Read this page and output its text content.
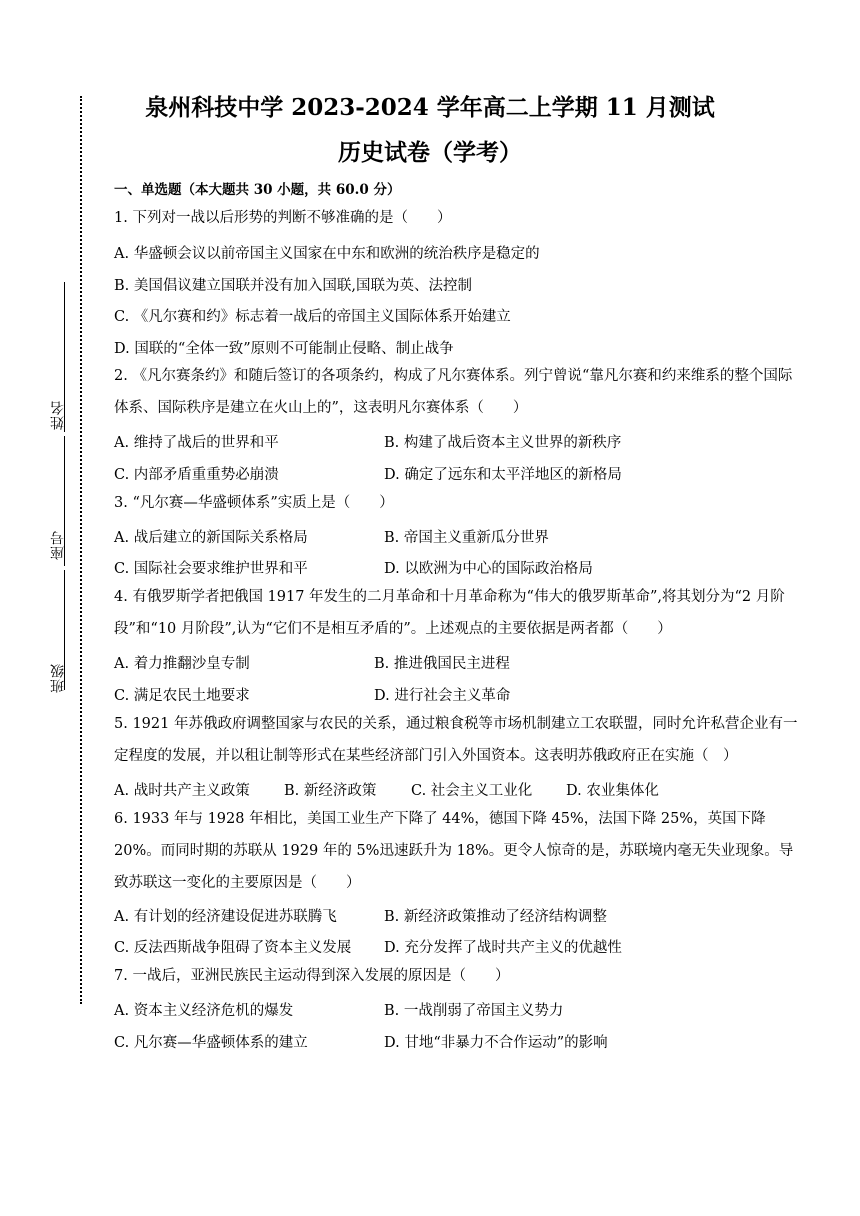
姓名
座号
班级
泉州科技中学 2023-2024 学年高二上学期 11 月测试
历史试卷（学考）
一、单选题（本大题共 30 小题，共 60.0 分）
1. 下列对一战以后形势的判断不够准确的是（　　）
A. 华盛顿会议以前帝国主义国家在中东和欧洲的统治秩序是稳定的
B. 美国倡议建立国联并没有加入国联,国联为英、法控制
C. 《凡尔赛和约》标志着一战后的帝国主义国际体系开始建立
D. 国联的“全体一致”原则不可能制止侵略、制止战争
2. 《凡尔赛条约》和随后签订的各项条约，构成了凡尔赛体系。列宁曾说“靠凡尔赛和约来维系的整个国际体系、国际秩序是建立在火山上的”，这表明凡尔赛体系（　　）
A. 维持了战后的世界和平	B. 构建了战后资本主义世界的新秩序
C. 内部矛盾重重势必崩溃	D. 确定了远东和太平洋地区的新格局
3. “凡尔赛—华盛顿体系”实质上是（　　）
A. 战后建立的新国际关系格局	B. 帝国主义重新瓜分世界
C. 国际社会要求维护世界和平	D. 以欧洲为中心的国际政治格局
4. 有俄罗斯学者把俄国 1917 年发生的二月革命和十月革命称为“伟大的俄罗斯革命”,将其划分为“2 月阶段”和“10 月阶段”,认为“它们不是相互矛盾的”。上述观点的主要依据是两者都（　　）
A. 着力推翻沙皇专制	B. 推进俄国民主进程
C. 满足农民土地要求	D. 进行社会主义革命
5. 1921 年苏俄政府调整国家与农民的关系，通过粮食税等市场机制建立工农联盟，同时允许私营企业有一定程度的发展，并以租让制等形式在某些经济部门引入外国资本。这表明苏俄政府正在实施（　）
A. 战时共产主义政策 B. 新经济政策 C. 社会主义工业化 D. 农业集体化
6. 1933 年与 1928 年相比，美国工业生产下降了 44%，德国下降 45%，法国下降 25%，英国下降 20%。而同时期的苏联从 1929 年的 5%迅速跃升为 18%。更令人惊奇的是，苏联境内毫无失业现象。导致苏联这一变化的主要原因是（　　）
A. 有计划的经济建设促进苏联腾飞	B. 新经济政策推动了经济结构调整
C. 反法西斯战争阻碍了资本主义发展 D. 充分发挥了战时共产主义的优越性
7. 一战后，亚洲民族民主运动得到深入发展的原因是（　　）
A. 资本主义经济危机的爆发	B. 一战削弱了帝国主义势力
C. 凡尔赛—华盛顿体系的建立	D. 甘地“非暴力不合作运动”的影响
